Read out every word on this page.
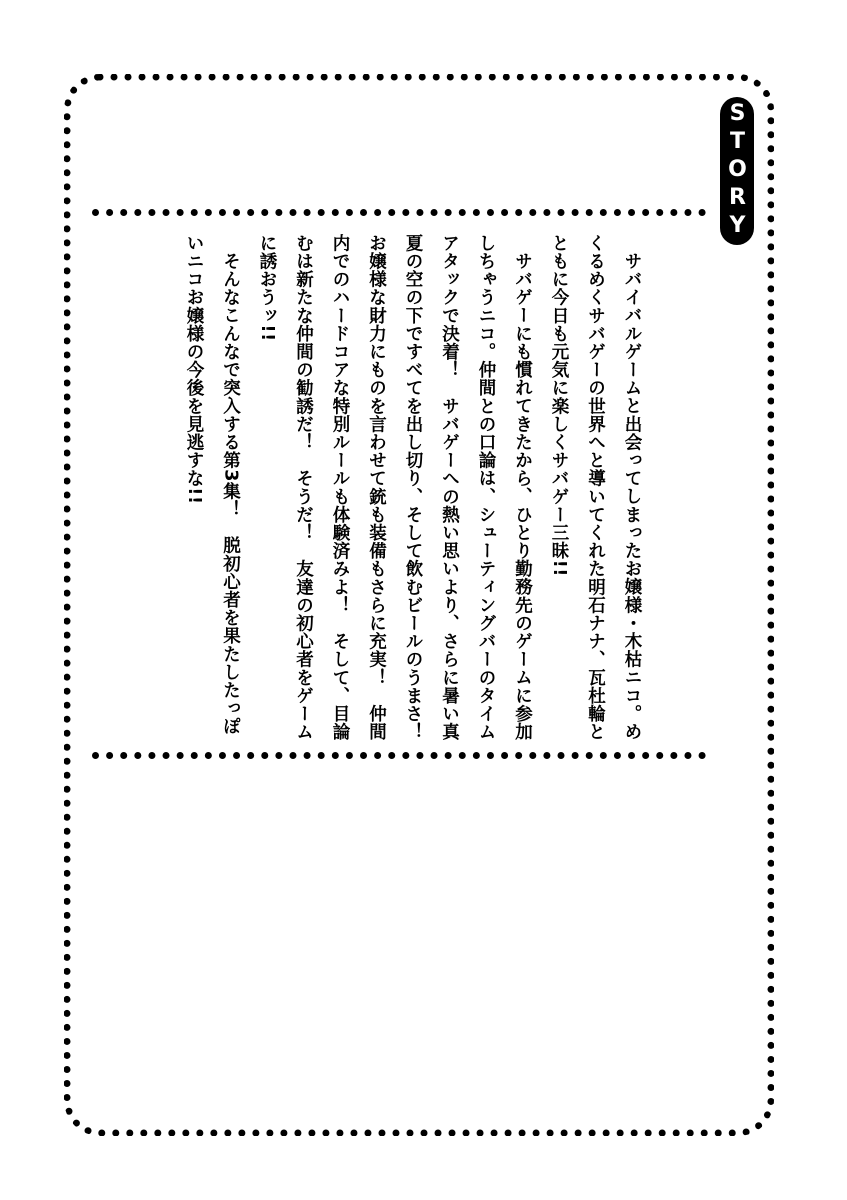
STORY

サバイバルゲームと出会ってしまったお嬢様・木枯ニコ。めくるめくサバゲーの世界へと導いてくれた明石ナナ、瓦杜輪とともに今日も元気に楽しくサバゲー三昧!!

サバゲーにも慣れてきたから、ひとり勤務先のゲームに参加しちゃうニコ。仲間との口論は、シューティングバーのタイムアタックで決着！　サバゲーへの熱い思いより、さらに暑い真夏の空の下ですべてを出し切り、そして飲むビールのうまさ！　お嬢様な財力にものを言わせて銃も装備もさらに充実！　仲間内でのハードコアな特別ルールも体験済みよ！　そして、目論むは新たな仲間の勧誘だ！　そうだ！　友達の初心者をゲームに誘おうッ!!

そんなこんなで突入する第3集！　脱初心者を果たしたっぽいニコお嬢様の今後を見逃すな!!
